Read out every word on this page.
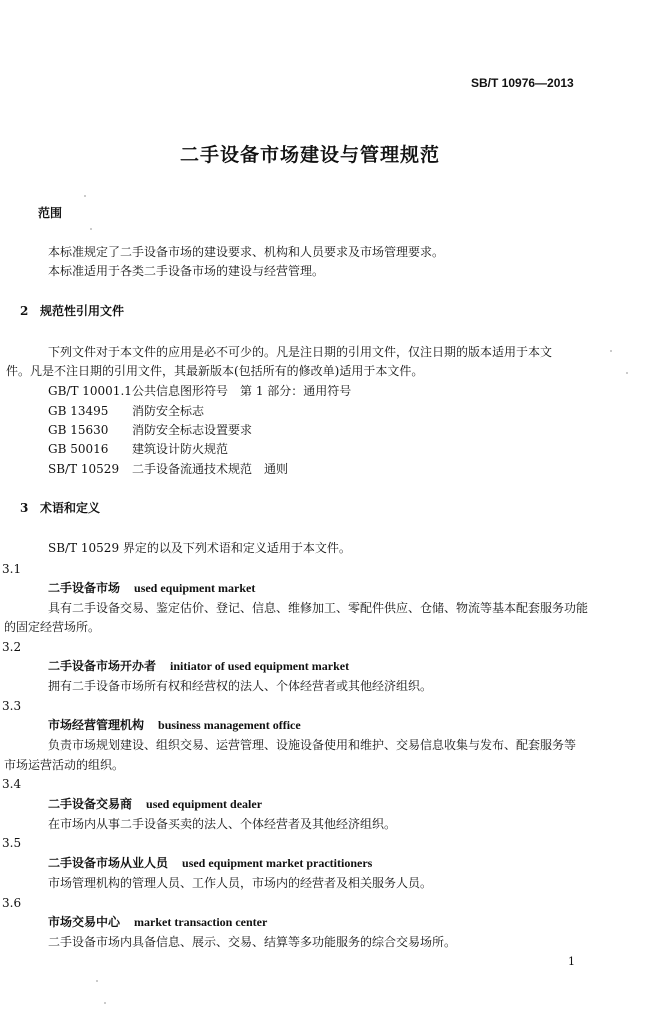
SB/T 10976—2013
二手设备市场建设与管理规范
范围
本标准规定了二手设备市场的建设要求、机构和人员要求及市场管理要求。
本标准适用于各类二手设备市场的建设与经营管理。
2 规范性引用文件
下列文件对于本文件的应用是必不可少的。凡是注日期的引用文件，仅注日期的版本适用于本文
件。凡是不注日期的引用文件，其最新版本(包括所有的修改单)适用于本文件。
GB/T 10001.1公共信息图形符号　第 1 部分：通用符号
GB 13495 消防安全标志
GB 15630 消防安全标志设置要求
GB 50016 建筑设计防火规范
SB/T 10529 二手设备流通技术规范　通则
3 术语和定义
SB/T 10529 界定的以及下列术语和定义适用于本文件。
3.1
二手设备市场 used equipment market
具有二手设备交易、鉴定估价、登记、信息、维修加工、零配件供应、仓储、物流等基本配套服务功能
的固定经营场所。
3.2
二手设备市场开办者 initiator of used equipment market
拥有二手设备市场所有权和经营权的法人、个体经营者或其他经济组织。
3.3
市场经营管理机构 business management office
负责市场规划建设、组织交易、运营管理、设施设备使用和维护、交易信息收集与发布、配套服务等
市场运营活动的组织。
3.4
二手设备交易商 used equipment dealer
在市场内从事二手设备买卖的法人、个体经营者及其他经济组织。
3.5
二手设备市场从业人员 used equipment market practitioners
市场管理机构的管理人员、工作人员，市场内的经营者及相关服务人员。
3.6
市场交易中心 market transaction center
二手设备市场内具备信息、展示、交易、结算等多功能服务的综合交易场所。
1
